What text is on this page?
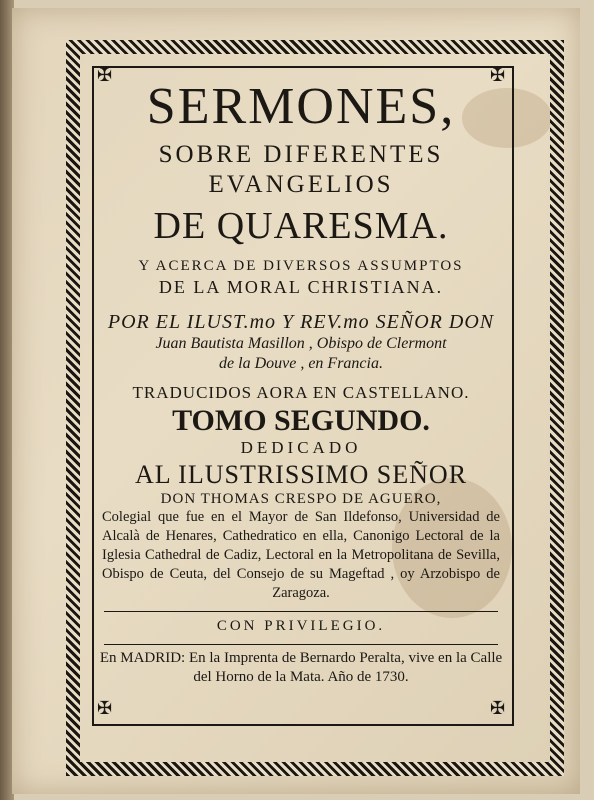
✠	✠
✠	✠
SERMONES,
SOBRE DIFERENTES
EVANGELIOS
DE QUARESMA.
Y ACERCA DE DIVERSOS ASSUMPTOS
DE LA MORAL CHRISTIANA.
POR EL ILUST.mo Y REV.mo SEÑOR DON
Juan Bautista Masillon , Obispo de Clermont
de la Douve , en Francia.
TRADUCIDOS AORA EN CASTELLANO.
TOMO SEGUNDO.
DEDICADO
AL ILUSTRISSIMO SEÑOR
DON THOMAS CRESPO DE AGUERO,
Colegial que fue en el Mayor de San Ildefonso, Universidad de Alcalà de Henares, Cathedratico en ella, Canonigo Lectoral de la Iglesia Cathedral de Cadiz, Lectoral en la Metropolitana de Sevilla, Obispo de Ceuta, del Consejo de su Mageftad , oy Arzobispo de Zaragoza.
CON PRIVILEGIO.
En MADRID: En la Imprenta de Bernardo Peralta, vive en la Calle del Horno de la Mata. Año de 1730.
